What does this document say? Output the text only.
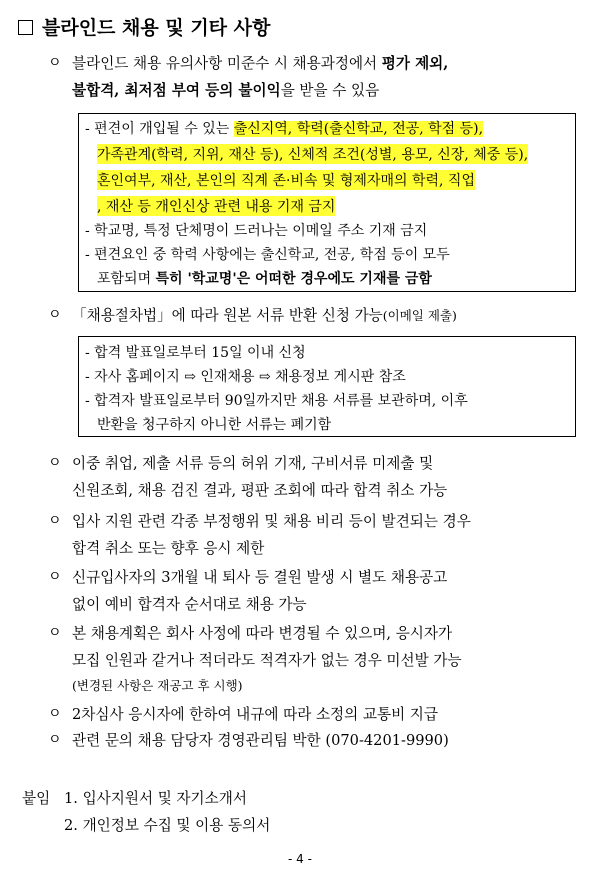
블라인드 채용 및 기타 사항
ㅇ 블라인드 채용 유의사항 미준수 시 채용과정에서 평가 제외,
불합격, 최저점 부여 등의 불이익을 받을 수 있음
- 편견이 개입될 수 있는 출신지역, 학력(출신학교, 전공, 학점 등),
가족관계(학력, 지위, 재산 등), 신체적 조건(성별, 용모, 신장, 체중 등),
혼인여부, 재산, 본인의 직계 존·비속 및 형제자매의 학력, 직업
, 재산 등 개인신상 관련 내용 기재 금지
- 학교명, 특정 단체명이 드러나는 이메일 주소 기재 금지
- 편견요인 중 학력 사항에는 출신학교, 전공, 학점 등이 모두
포함되며 특히 '학교명'은 어떠한 경우에도 기재를 금함
ㅇ 「채용절차법」에 따라 원본 서류 반환 신청 가능(이메일 제출)
- 합격 발표일로부터 15일 이내 신청
- 자사 홈페이지 ⇨ 인재채용 ⇨ 채용정보 게시판 참조
- 합격자 발표일로부터 90일까지만 채용 서류를 보관하며, 이후
반환을 청구하지 아니한 서류는 폐기함
ㅇ 이중 취업, 제출 서류 등의 허위 기재, 구비서류 미제출 및
신원조회, 채용 검진 결과, 평판 조회에 따라 합격 취소 가능
ㅇ 입사 지원 관련 각종 부정행위 및 채용 비리 등이 발견되는 경우
합격 취소 또는 향후 응시 제한
ㅇ 신규입사자의 3개월 내 퇴사 등 결원 발생 시 별도 채용공고
없이 예비 합격자 순서대로 채용 가능
ㅇ 본 채용계획은 회사 사정에 따라 변경될 수 있으며, 응시자가
모집 인원과 같거나 적더라도 적격자가 없는 경우 미선발 가능
(변경된 사항은 재공고 후 시행)
ㅇ 2차심사 응시자에 한하여 내규에 따라 소정의 교통비 지급
ㅇ 관련 문의 채용 담당자 경영관리팀 박한 (070-4201-9990)
붙임 1. 입사지원서 및 자기소개서
2. 개인정보 수집 및 이용 동의서
- 4 -
